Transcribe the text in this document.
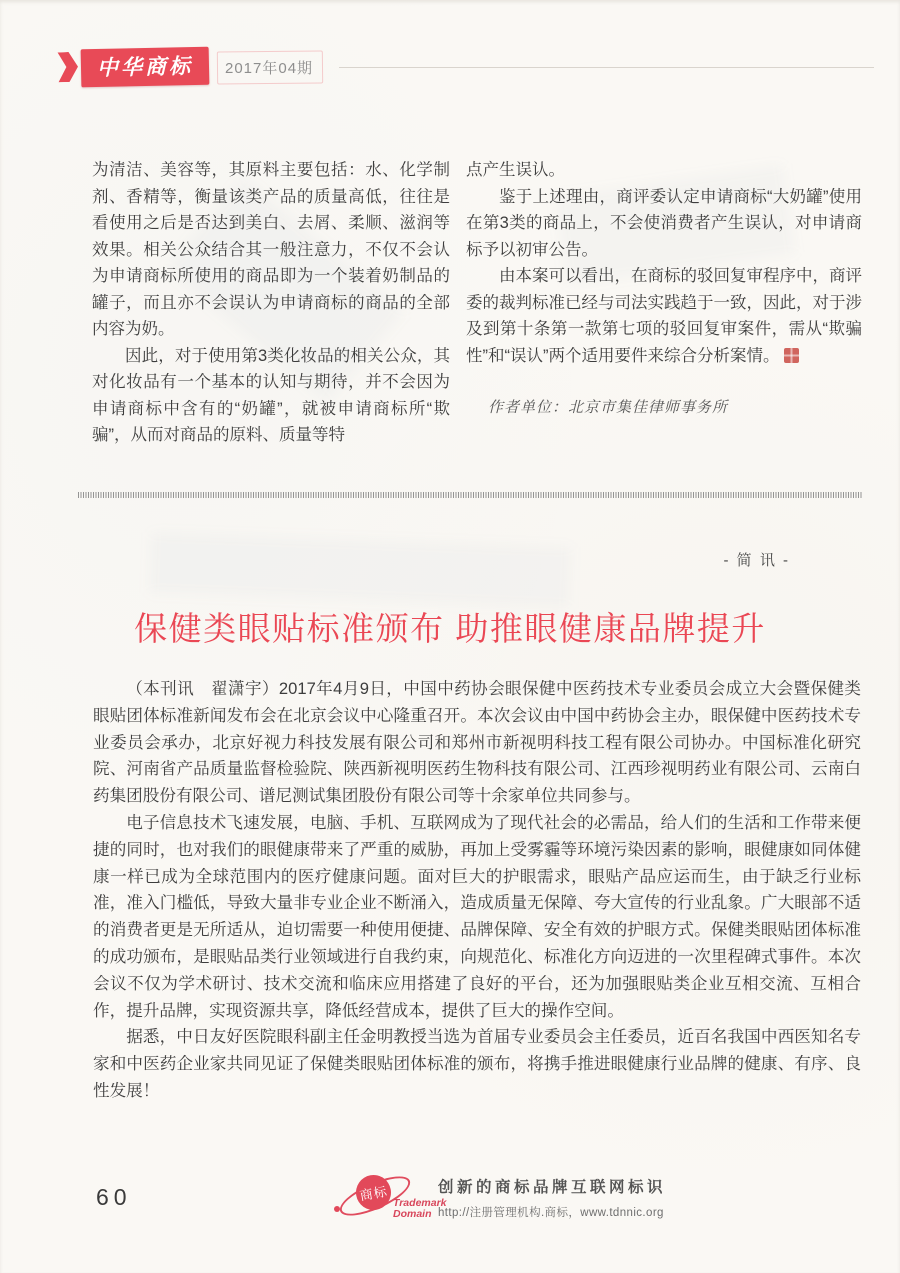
中华商标	2017年04期

为清洁、美容等，其原料主要包括：水、化学制剂、香精等，衡量该类产品的质量高低，往往是看使用之后是否达到美白、去屑、柔顺、滋润等效果。相关公众结合其一般注意力，不仅不会认为申请商标所使用的商品即为一个装着奶制品的罐子，而且亦不会误认为申请商标的商品的全部内容为奶。

因此，对于使用第3类化妆品的相关公众，其对化妆品有一个基本的认知与期待，并不会因为申请商标中含有的“奶罐”，就被申请商标所“欺骗”，从而对商品的原料、质量等特

点产生误认。

鉴于上述理由，商评委认定申请商标“大奶罐”使用在第3类的商品上，不会使消费者产生误认，对申请商标予以初审公告。

由本案可以看出，在商标的驳回复审程序中，商评委的裁判标准已经与司法实践趋于一致，因此，对于涉及到第十条第一款第七项的驳回复审案件，需从“欺骗性”和“误认”两个适用要件来综合分析案情。

作者单位：北京市集佳律师事务所
- 简 讯 -
保健类眼贴标准颁布 助推眼健康品牌提升

（本刊讯　翟潇宇）2017年4月9日，中国中药协会眼保健中医药技术专业委员会成立大会暨保健类眼贴团体标准新闻发布会在北京会议中心隆重召开。本次会议由中国中药协会主办，眼保健中医药技术专业委员会承办，北京好视力科技发展有限公司和郑州市新视明科技工程有限公司协办。中国标准化研究院、河南省产品质量监督检验院、陕西新视明医药生物科技有限公司、江西珍视明药业有限公司、云南白药集团股份有限公司、谱尼测试集团股份有限公司等十余家单位共同参与。

电子信息技术飞速发展，电脑、手机、互联网成为了现代社会的必需品，给人们的生活和工作带来便捷的同时，也对我们的眼健康带来了严重的威胁，再加上受雾霾等环境污染因素的影响，眼健康如同体健康一样已成为全球范围内的医疗健康问题。面对巨大的护眼需求，眼贴产品应运而生，由于缺乏行业标准，准入门槛低，导致大量非专业企业不断涌入，造成质量无保障、夸大宣传的行业乱象。广大眼部不适的消费者更是无所适从，迫切需要一种使用便捷、品牌保障、安全有效的护眼方式。保健类眼贴团体标准的成功颁布，是眼贴品类行业领域进行自我约束，向规范化、标准化方向迈进的一次里程碑式事件。本次会议不仅为学术研讨、技术交流和临床应用搭建了良好的平台，还为加强眼贴类企业互相交流、互相合作，提升品牌，实现资源共享，降低经营成本，提供了巨大的操作空间。

据悉，中日友好医院眼科副主任金明教授当选为首届专业委员会主任委员，近百名我国中西医知名专家和中医药企业家共同见证了保健类眼贴团体标准的颁布，将携手推进眼健康行业品牌的健康、有序、良性发展！

60	商标 Trademark
Domain
创新的商标品牌互联网标识
http://注册管理机构.商标，www.tdnnic.org
